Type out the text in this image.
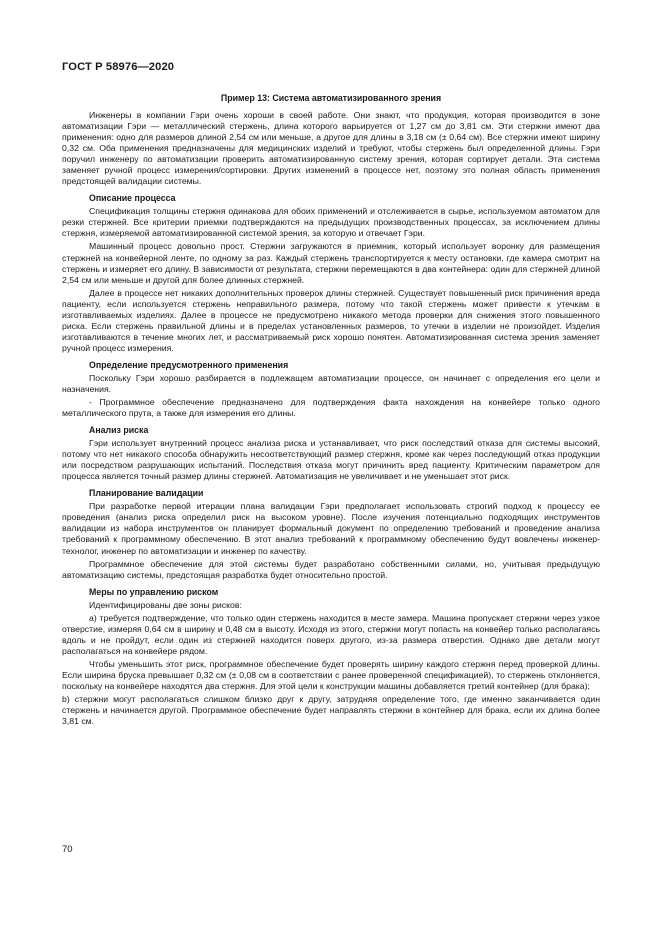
ГОСТ Р 58976—2020
Пример 13: Система автоматизированного зрения

Инженеры в компании Гэри очень хороши в своей работе. Они знают, что продукция, которая производится в зоне автоматизации Гэри — металлический стержень, длина которого варьируется от 1,27 см до 3,81 см. Эти стержни имеют два применения: одно для размеров длиной 2,54 см или меньше, а другое для длины в 3,18 см (± 0,64 см). Все стержни имеют ширину 0,32 см. Оба применения предназначены для медицинских изделий и требуют, чтобы стержень был определенной длины. Гэри поручил инженеру по автоматизации проверить автоматизированную систему зрения, которая сортирует детали. Эта система заменяет ручной процесс измерения/сортировки. Других изменений в процессе нет, поэтому это полная область применения предстоящей валидации системы.

Описание процесса

Спецификация толщины стержня одинакова для обоих применений и отслеживается в сырье, используемом автоматом для резки стержней. Все критерии приемки подтверждаются на предыдущих производственных процессах, за исключением длины стержня, измеряемой автоматизированной системой зрения, за которую и отвечает Гэри.

Машинный процесс довольно прост. Стержни загружаются в приемник, который использует воронку для размещения стержней на конвейерной ленте, по одному за раз. Каждый стержень транспортируется к месту остановки, где камера смотрит на стержень и измеряет его длину. В зависимости от результата, стержни перемещаются в два контейнера: один для стержней длиной 2,54 см или меньше и другой для более длинных стержней.

Далее в процессе нет никаких дополнительных проверок длины стержней. Существует повышенный риск причинения вреда пациенту, если используется стержень неправильного размера, потому что такой стержень может привести к утечкам в изготавливаемых изделиях. Далее в процессе не предусмотрено никакого метода проверки для снижения этого повышенного риска. Если стержень правильной длины и в пределах установленных размеров, то утечки в изделии не произойдет. Изделия изготавливаются в течение многих лет, и рассматриваемый риск хорошо понятен. Автоматизированная система зрения заменяет ручной процесс измерения.

Определение предусмотренного применения

Поскольку Гэри хорошо разбирается в подлежащем автоматизации процессе, он начинает с определения его цели и назначения.

- Программное обеспечение предназначено для подтверждения факта нахождения на конвейере только одного металлического прута, а также для измерения его длины.

Анализ риска

Гэри использует внутренний процесс анализа риска и устанавливает, что риск последствий отказа для системы высокий, потому что нет никакого способа обнаружить несоответствующий размер стержня, кроме как через последующий отказ продукции или посредством разрушающих испытаний. Последствия отказа могут причинить вред пациенту. Критическим параметром для процесса является точный размер длины стержней. Автоматизация не увеличивает и не уменьшает этот риск.

Планирование валидации

При разработке первой итерации плана валидации Гэри предполагает использовать строгий подход к процессу ее проведения (анализ риска определил риск на высоком уровне). После изучения потенциально подходящих инструментов валидации из набора инструментов он планирует формальный документ по определению требований и проведение анализа требований к программному обеспечению. В этот анализ требований к программному обеспечению будут вовлечены инженер-технолог, инженер по автоматизации и инженер по качеству.

Программное обеспечение для этой системы будет разработано собственными силами, но, учитывая предыдущую автоматизацию системы, предстоящая разработка будет относительно простой.

Меры по управлению риском

Идентифицированы две зоны рисков:

а) требуется подтверждение, что только один стержень находится в месте замера. Машина пропускает стержни через узкое отверстие, измеряя 0,64 см в ширину и 0,48 см в высоту. Исходя из этого, стержни могут попасть на конвейер только располагаясь вдоль и не пройдут, если один из стержней находится поверх другого, из-за размера отверстия. Однако две детали могут располагаться на конвейере рядом.

Чтобы уменьшить этот риск, программное обеспечение будет проверять ширину каждого стержня перед проверкой длины. Если ширина бруска превышает 0,32 см (± 0,08 см в соответствии с ранее проверенной спецификацией), то стержень отклоняется, поскольку на конвейере находятся два стержня. Для этой цели к конструкции машины добавляется третий контейнер (для брака);

b) стержни могут располагаться слишком близко друг к другу, затрудняя определение того, где именно заканчивается один стержень и начинается другой. Программное обеспечение будет направлять стержни в контейнер для брака, если их длина более 3,81 см.

70
